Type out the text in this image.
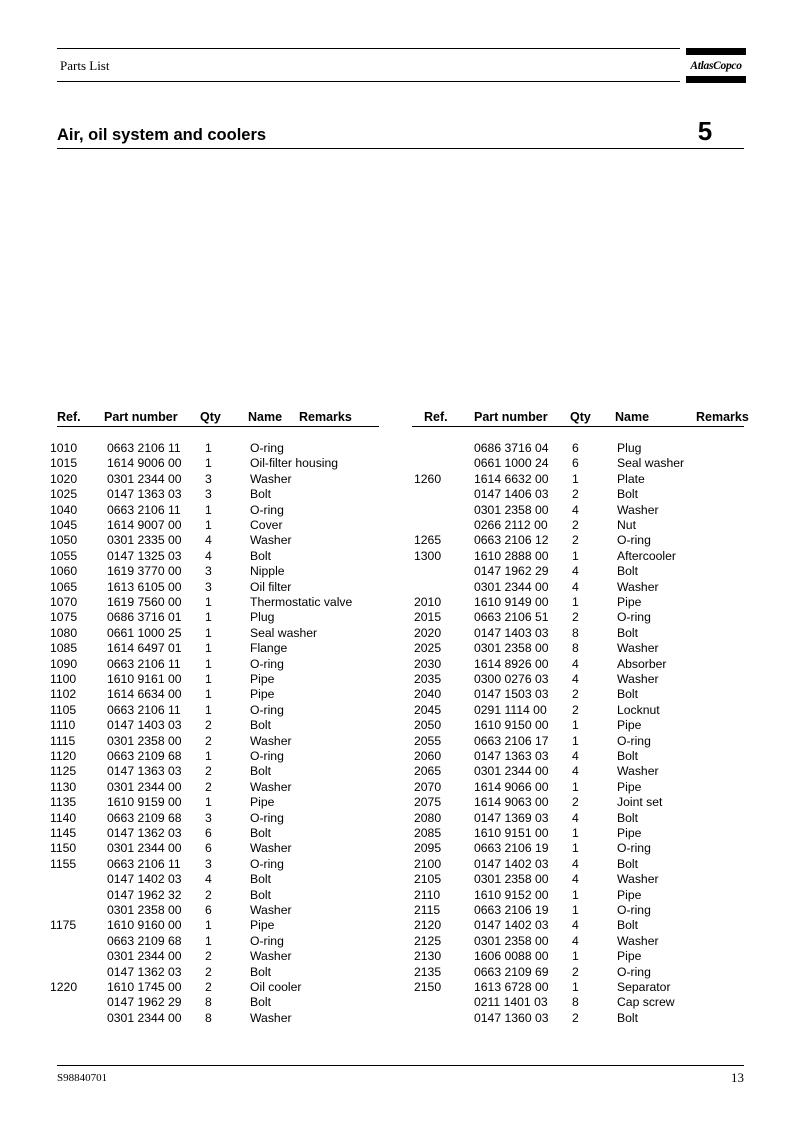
Parts List	AtlasCopco
Air, oil system and coolers	5
Ref. Part number Qty Name Remarks	Ref. Part number Qty Name	Remarks
1010 0663 2106 11 1	O-ring
1015 1614 9006 00 1	Oil-filter housing
1020 0301 2344 00 3	Washer
1025 0147 1363 03 3	Bolt
1040 0663 2106 11 1	O-ring
1045 1614 9007 00 1	Cover
1050 0301 2335 00 4	Washer
1055 0147 1325 03 4	Bolt
1060 1619 3770 00 3	Nipple
1065 1613 6105 00 3	Oil filter
1070 1619 7560 00 1	Thermostatic valve
1075 0686 3716 01 1	Plug
1080 0661 1000 25 1	Seal washer
1085 1614 6497 01 1	Flange
1090 0663 2106 11 1	O-ring
1100	1610 9161 00 1	Pipe
1102	1614 6634 00 1	Pipe
1105	0663 2106 11 1	O-ring
1110	0147 1403 03 2	Bolt
1115	0301 2358 00 2	Washer
1120	0663 2109 68 1	O-ring
1125	0147 1363 03 2	Bolt
1130	0301 2344 00 2	Washer
1135	1610 9159 00 1	Pipe
1140	0663 2109 68 3	O-ring
1145	0147 1362 03 6	Bolt
1150	0301 2344 00 6	Washer
1155	0663 2106 11 3	O-ring
0147 1402 03 4	Bolt
0147 1962 32 2	Bolt
0301 2358 00 6	Washer
1175	1610 9160 00 1	Pipe
0663 2109 68 1	O-ring
0301 2344 00 2	Washer
0147 1362 03 2	Bolt
1220 1610 1745 00 2	Oil cooler
0147 1962 29 8	Bolt
0301 2344 00 8	Washer
0686 3716 04 6	Plug
0661 1000 24 6	Seal washer
1260	1614 6632 00 1	Plate
0147 1406 03 2	Bolt
0301 2358 00 4	Washer
0266 2112 00 2	Nut
1265	0663 2106 12 2	O-ring
1300	1610 2888 00 1	Aftercooler
0147 1962 29 4	Bolt
0301 2344 00 4	Washer
2010	1610 9149 00 1	Pipe
2015	0663 2106 51 2	O-ring
2020	0147 1403 03 8	Bolt
2025	0301 2358 00 8	Washer
2030	1614 8926 00 4	Absorber
2035	0300 0276 03 4	Washer
2040	0147 1503 03 2	Bolt
2045	0291 1114 00 2	Locknut
2050	1610 9150 00 1	Pipe
2055	0663 2106 17 1	O-ring
2060	0147 1363 03 4	Bolt
2065	0301 2344 00 4	Washer
2070	1614 9066 00 1	Pipe
2075	1614 9063 00 2	Joint set
2080	0147 1369 03 4	Bolt
2085	1610 9151 00 1	Pipe
2095	0663 2106 19 1	O-ring
2100	0147 1402 03 4	Bolt
2105	0301 2358 00 4	Washer
2110	1610 9152 00 1	Pipe
2115	0663 2106 19 1	O-ring
2120	0147 1402 03 4	Bolt
2125	0301 2358 00 4	Washer
2130	1606 0088 00 1	Pipe
2135	0663 2109 69 2	O-ring
2150	1613 6728 00 1	Separator
0211 1401 03 8	Cap screw
0147 1360 03 2	Bolt
S98840701	13
